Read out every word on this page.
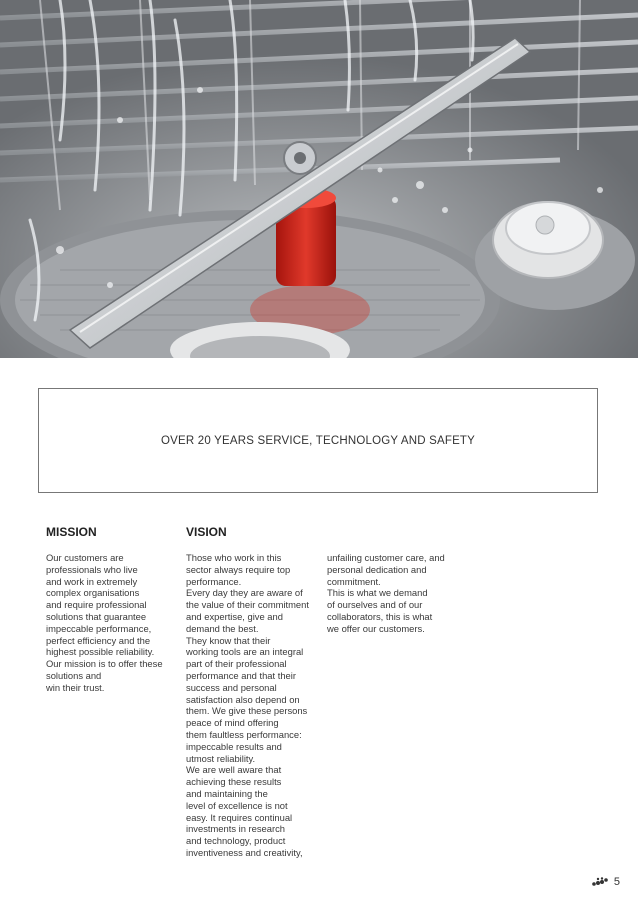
OVER 20 YEARS SERVICE, TECHNOLOGY AND SAFETY
MISSION	VISION

Our customers are
professionals who live
and work in extremely
complex organisations
and require professional
solutions that guarantee
impeccable performance,
perfect efficiency and the
highest possible reliability.
Our mission is to offer these
solutions and
win their trust.

Those who work in this
sector always require top
performance.
Every day they are aware of
the value of their commitment
and expertise, give and
demand the best.
They know that their
working tools are an integral
part of their professional
performance and that their
success and personal
satisfaction also depend on
them. We give these persons
peace of mind offering
them faultless performance:
impeccable results and
utmost reliability.
We are well aware that
achieving these results
and maintaining the
level of excellence is not
easy. It requires continual
investments in research
and technology, product
inventiveness and creativity,

unfailing customer care, and
personal dedication and
commitment.
This is what we demand
of ourselves and of our
collaborators, this is what
we offer our customers.

5
